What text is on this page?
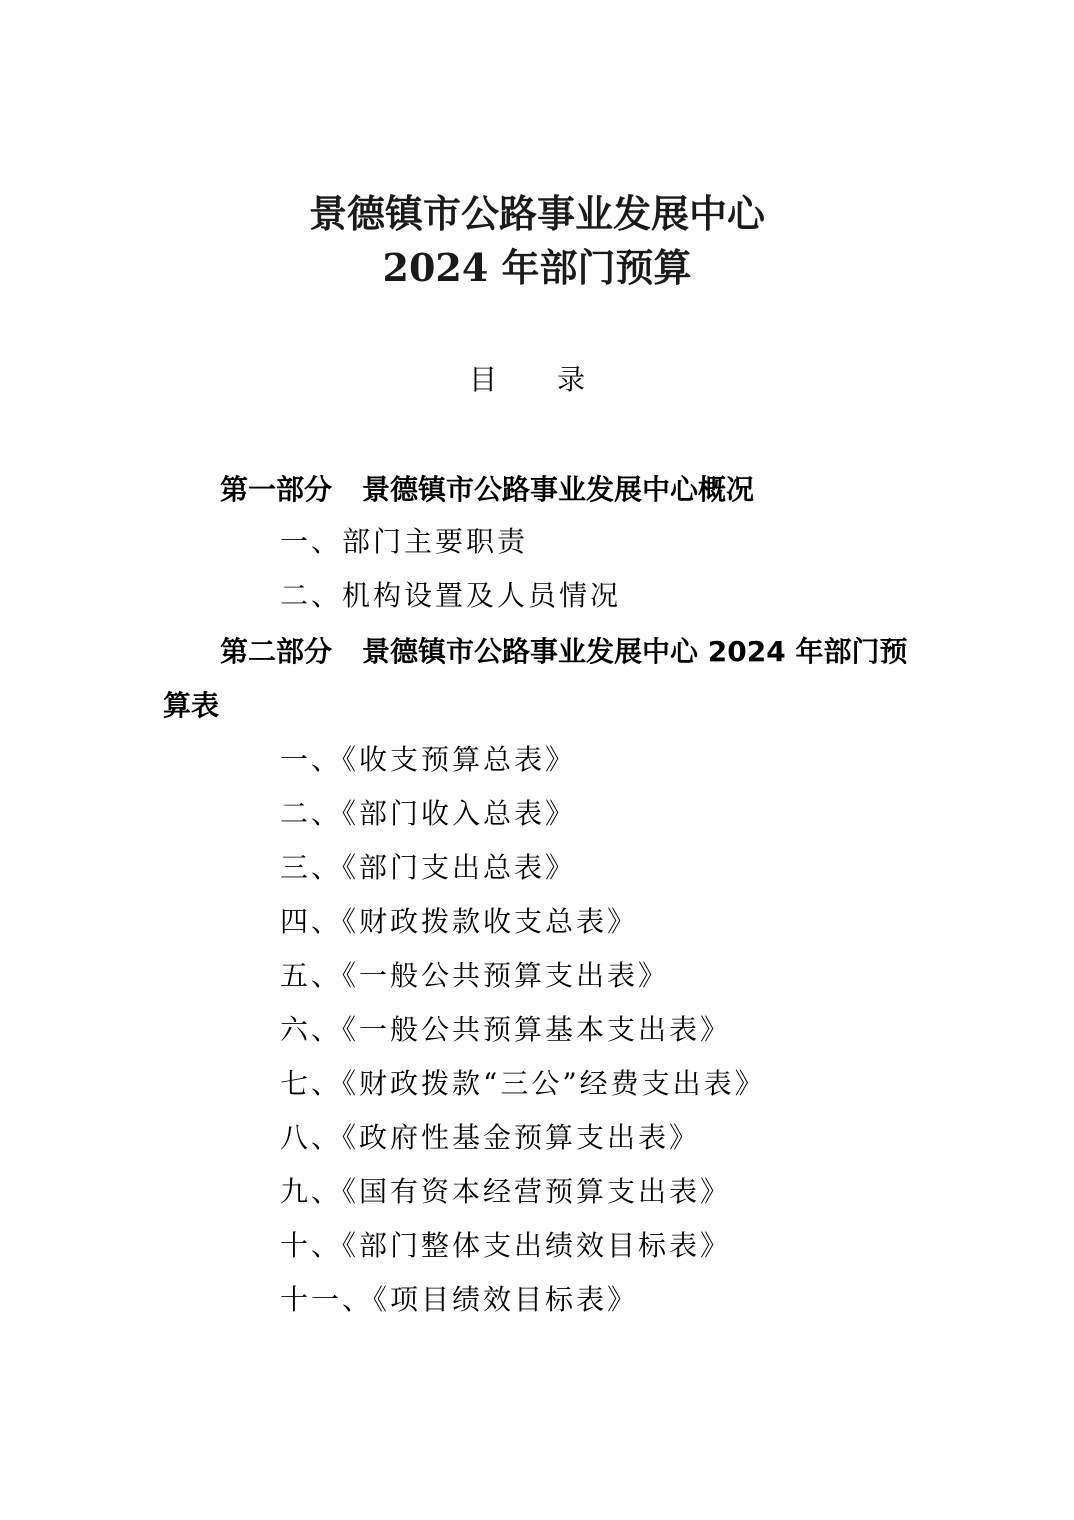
景德镇市公路事业发展中心
2024 年部门预算
目录
第一部分 景德镇市公路事业发展中心概况
一、部门主要职责
二、机构设置及人员情况
第二部分 景德镇市公路事业发展中心 2024 年部门预
算表
一、《收支预算总表》
二、《部门收入总表》
三、《部门支出总表》
四、《财政拨款收支总表》
五、《一般公共预算支出表》
六、《一般公共预算基本支出表》
七、《财政拨款“三公”经费支出表》
八、《政府性基金预算支出表》
九、《国有资本经营预算支出表》
十、《部门整体支出绩效目标表》
十一、《项目绩效目标表》
